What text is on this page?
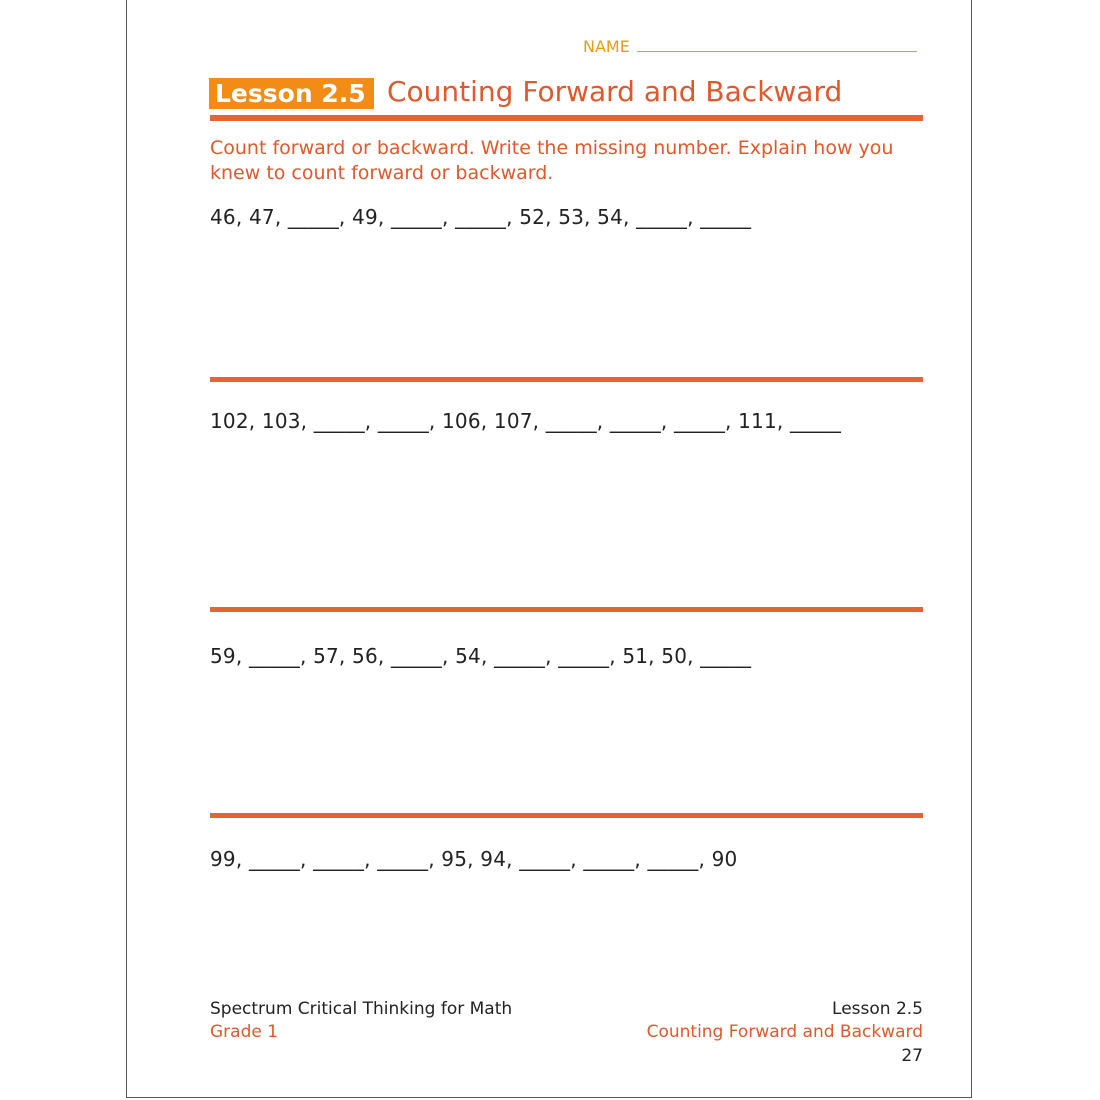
NAME
Lesson 2.5 Counting Forward and Backward
Count forward or backward. Write the missing number. Explain how you knew to count forward or backward.
46, 47, _____, 49, _____, _____, 52, 53, 54, _____, _____
102, 103, _____, _____, 106, 107, _____, _____, _____, 111, _____
59, _____, 57, 56, _____, 54, _____, _____, 51, 50, _____
99, _____, _____, _____, 95, 94, _____, _____, _____, 90
Spectrum Critical Thinking for Math
Grade 1
Lesson 2.5
Counting Forward and Backward
27
